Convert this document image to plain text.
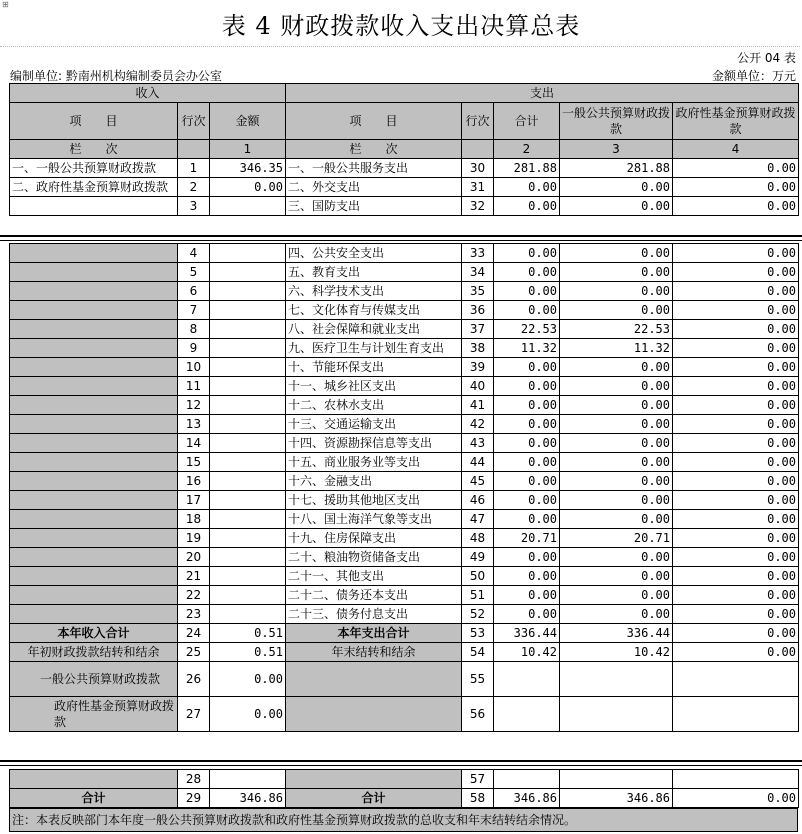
⊞
表 4 财政拨款收入支出决算总表
公开 04 表
编制单位: 黔南州机构编制委员会办公室	金额单位：万元
收入			支出				
项　　目	行次	金额	项　　目	行次	合计	一般公共预算财政拨款	政府性基金预算财政拨款
栏　　次		1	栏　　次		2	3	4
一、一般公共预算财政拨款	1	346.35	一、一般公共服务支出	30	281.88	281.88	0.00
二、政府性基金预算财政拨款	2	0.00	二、外交支出	31	0.00	0.00	0.00
	3		三、国防支出	32	0.00	0.00	0.00
	4		四、公共安全支出	33	0.00	0.00	0.00
	5		五、教育支出	34	0.00	0.00	0.00
	6		六、科学技术支出	35	0.00	0.00	0.00
	7		七、文化体育与传媒支出	36	0.00	0.00	0.00
	8		八、社会保障和就业支出	37	22.53	22.53	0.00
	9		九、医疗卫生与计划生育支出	38	11.32	11.32	0.00
	10		十、节能环保支出	39	0.00	0.00	0.00
	11		十一、城乡社区支出	40	0.00	0.00	0.00
	12		十二、农林水支出	41	0.00	0.00	0.00
	13		十三、交通运输支出	42	0.00	0.00	0.00
	14		十四、资源勘探信息等支出	43	0.00	0.00	0.00
	15		十五、商业服务业等支出	44	0.00	0.00	0.00
	16		十六、金融支出	45	0.00	0.00	0.00
	17		十七、援助其他地区支出	46	0.00	0.00	0.00
	18		十八、国土海洋气象等支出	47	0.00	0.00	0.00
	19		十九、住房保障支出	48	20.71	20.71	0.00
	20		二十、粮油物资储备支出	49	0.00	0.00	0.00
	21		二十一、其他支出	50	0.00	0.00	0.00
	22		二十二、债务还本支出	51	0.00	0.00	0.00
	23		二十三、债务付息支出	52	0.00	0.00	0.00
本年收入合计	24	0.51	本年支出合计	53	336.44	336.44	0.00
年初财政拨款结转和结余	25	0.51	年末结转和结余	54	10.42	10.42	0.00
一般公共预算财政拨款	26	0.00		55			
政府性基金预算财政拨款	27	0.00		56			
	28			57			
合计	29	346.86	合计	58	346.86	346.86	0.00
注：本表反映部门本年度一般公共预算财政拨款和政府性基金预算财政拨款的总收支和年末结转结余情况。
